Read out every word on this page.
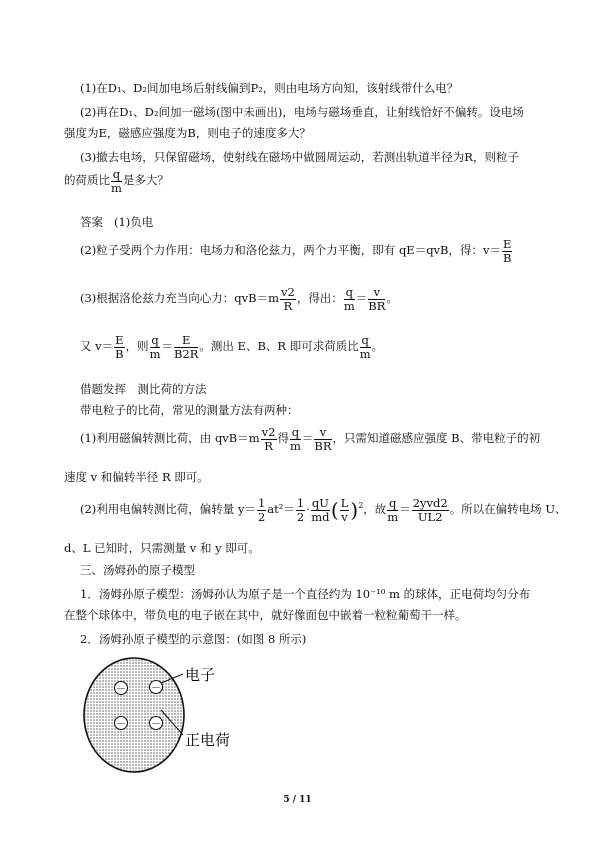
(1)在D₁、D₂间加电场后射线偏到P₂，则由电场方向知，该射线带什么电？
(2)再在D₁、D₂间加一磁场(图中未画出)，电场与磁场垂直，让射线恰好不偏转。设电场
强度为E，磁感应强度为B，则电子的速度多大？
(3)撤去电场，只保留磁场，使射线在磁场中做圆周运动，若测出轨道半径为R，则粒子
的荷质比 $\frac{q}{m}$ 是多大？
答案 (1)负电
(2)粒子受两个力作用：电场力和洛伦兹力，两个力平衡，即有 qE＝qvB，得：$v= \frac{E}{B}$
(3)根据洛伦兹力充当向心力：$qvB=m \frac{v2}{R}$ ，得出： $\frac{q}{m} = \frac{v}{BR}$ 。
又 $v= \frac{E}{B}$ ，则 $\frac{q}{m} = \frac{E}{B2R}$ 。测出 E、B、R 即可求荷质比 $\frac{q}{m}$ 。
借题发挥　测比荷的方法
带电粒子的比荷，常见的测量方法有两种：
(1)利用磁偏转测比荷，由 $qvB=m \frac{v2}{R}$ 得 $\frac{q}{m} = \frac{v}{BR}$ ，只需知道磁感应强度 B、带电粒子的初
速度 v 和偏转半径 R 即可。
(2)利用电偏转测比荷，偏转量 $y= \frac{1}{2} at^2= \frac{1}{2} \cdot \frac{qU}{md}$ ( $\frac{L}{v} )^2$，故 $\frac{q}{m} = \frac{\text{2yvd2}}{UL2}$ 。所以在偏转电场 U、
d、L 已知时，只需测量 v 和 y 即可。
三、汤姆孙的原子模型
1．汤姆孙原子模型：汤姆孙认为原子是一个直径约为 10⁻¹⁰ m 的球体，正电荷均匀分布
在整个球体中，带负电的电子嵌在其中，就好像面包中嵌着一粒粒葡萄干一样。
2．汤姆孙原子模型的示意图：(如图 8 所示)
－	－
－	－
电子
正电荷
5 / 11
